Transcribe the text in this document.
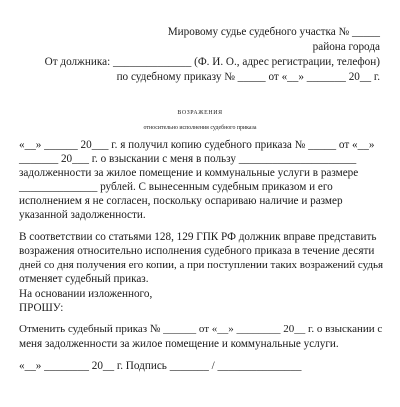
Мировому судье судебного участка № _____
района города
От должника: ______________ (Ф. И. О., адрес регистрации, телефон)
по судебному приказу № _____ от «__» _______ 20__ г.
ВОЗРАЖЕНИЯ
относительно исполнения судебного приказа
«__» ______ 20___ г. я получил копию судебного приказа № _____ от «__»
_______ 20___ г. о взыскании с меня в пользу _____________________
задолженности за жилое помещение и коммунальные услуги в размере
______________ рублей. С вынесенным судебным приказом и его
исполнением я не согласен, поскольку оспариваю наличие и размер
указанной задолженности.
В соответствии со статьями 128, 129 ГПК РФ должник вправе представить
возражения относительно исполнения судебного приказа в течение десяти
дней со дня получения его копии, а при поступлении таких возражений судья
отменяет судебный приказ.
На основании изложенного,
ПРОШУ:
Отменить судебный приказ № ______ от «__» ________ 20__ г. о взыскании с
меня задолженности за жилое помещение и коммунальные услуги.
«__» ________ 20__ г. Подпись _______ / _______________
